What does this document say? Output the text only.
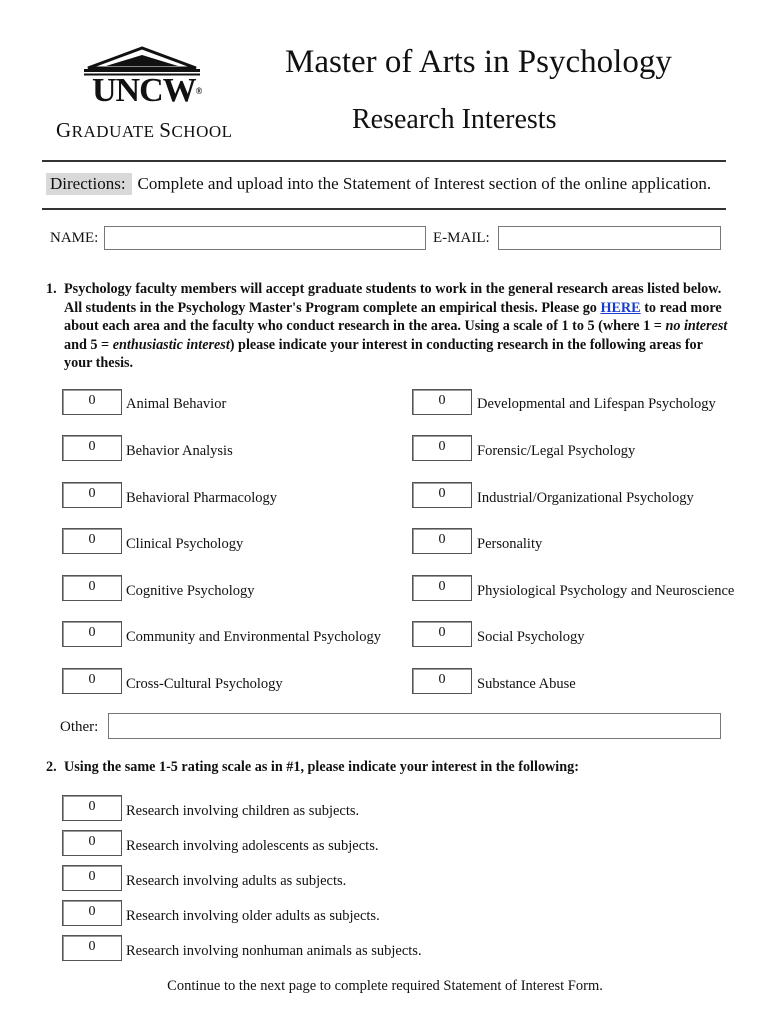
UNCW®
GRADUATE SCHOOL
Master of Arts in Psychology
Research Interests
Directions: Complete and upload into the Statement of Interest section of the online application.
NAME:	E-MAIL:
1. Psychology faculty members will accept graduate students to work in the general research areas listed below. All students in the Psychology Master's Program complete an empirical thesis. Please go HERE to read more about each area and the faculty who conduct research in the area. Using a scale of 1 to 5 (where 1 = no interest and 5 = enthusiastic interest) please indicate your interest in conducting research in the following areas for your thesis.
0	Animal Behavior
0	Behavior Analysis
0	Behavioral Pharmacology
0	Clinical Psychology
0	Cognitive Psychology
0	Community and Environmental Psychology
0	Cross-Cultural Psychology
0	Developmental and Lifespan Psychology
0	Forensic/Legal Psychology
0	Industrial/Organizational Psychology
0	Personality
0	Physiological Psychology and Neuroscience
0	Social Psychology
0	Substance Abuse
Other:
2. Using the same 1-5 rating scale as in #1, please indicate your interest in the following:
0	Research involving children as subjects.
0	Research involving adolescents as subjects.
0	Research involving adults as subjects.
0	Research involving older adults as subjects.
0	Research involving nonhuman animals as subjects.
Continue to the next page to complete required Statement of Interest Form.
